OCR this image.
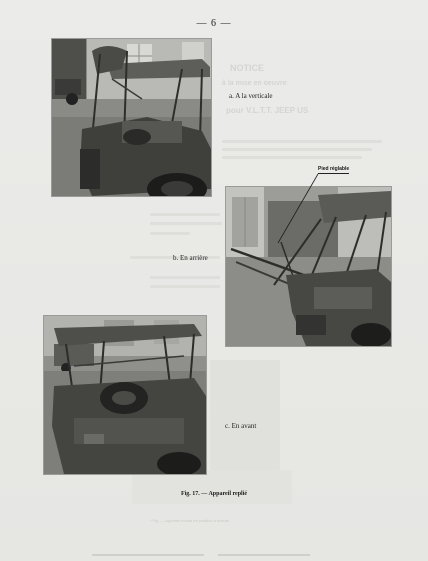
NOTICE
à la mise en oeuvre
pour V.L.T.T. JEEP US
— 6 —
a. A la verticale
Pied réglable
b. En arrière
c. En avant
Fig. 17. — Appareil replié
* Fig. — Appareil monté en position d'écoute
